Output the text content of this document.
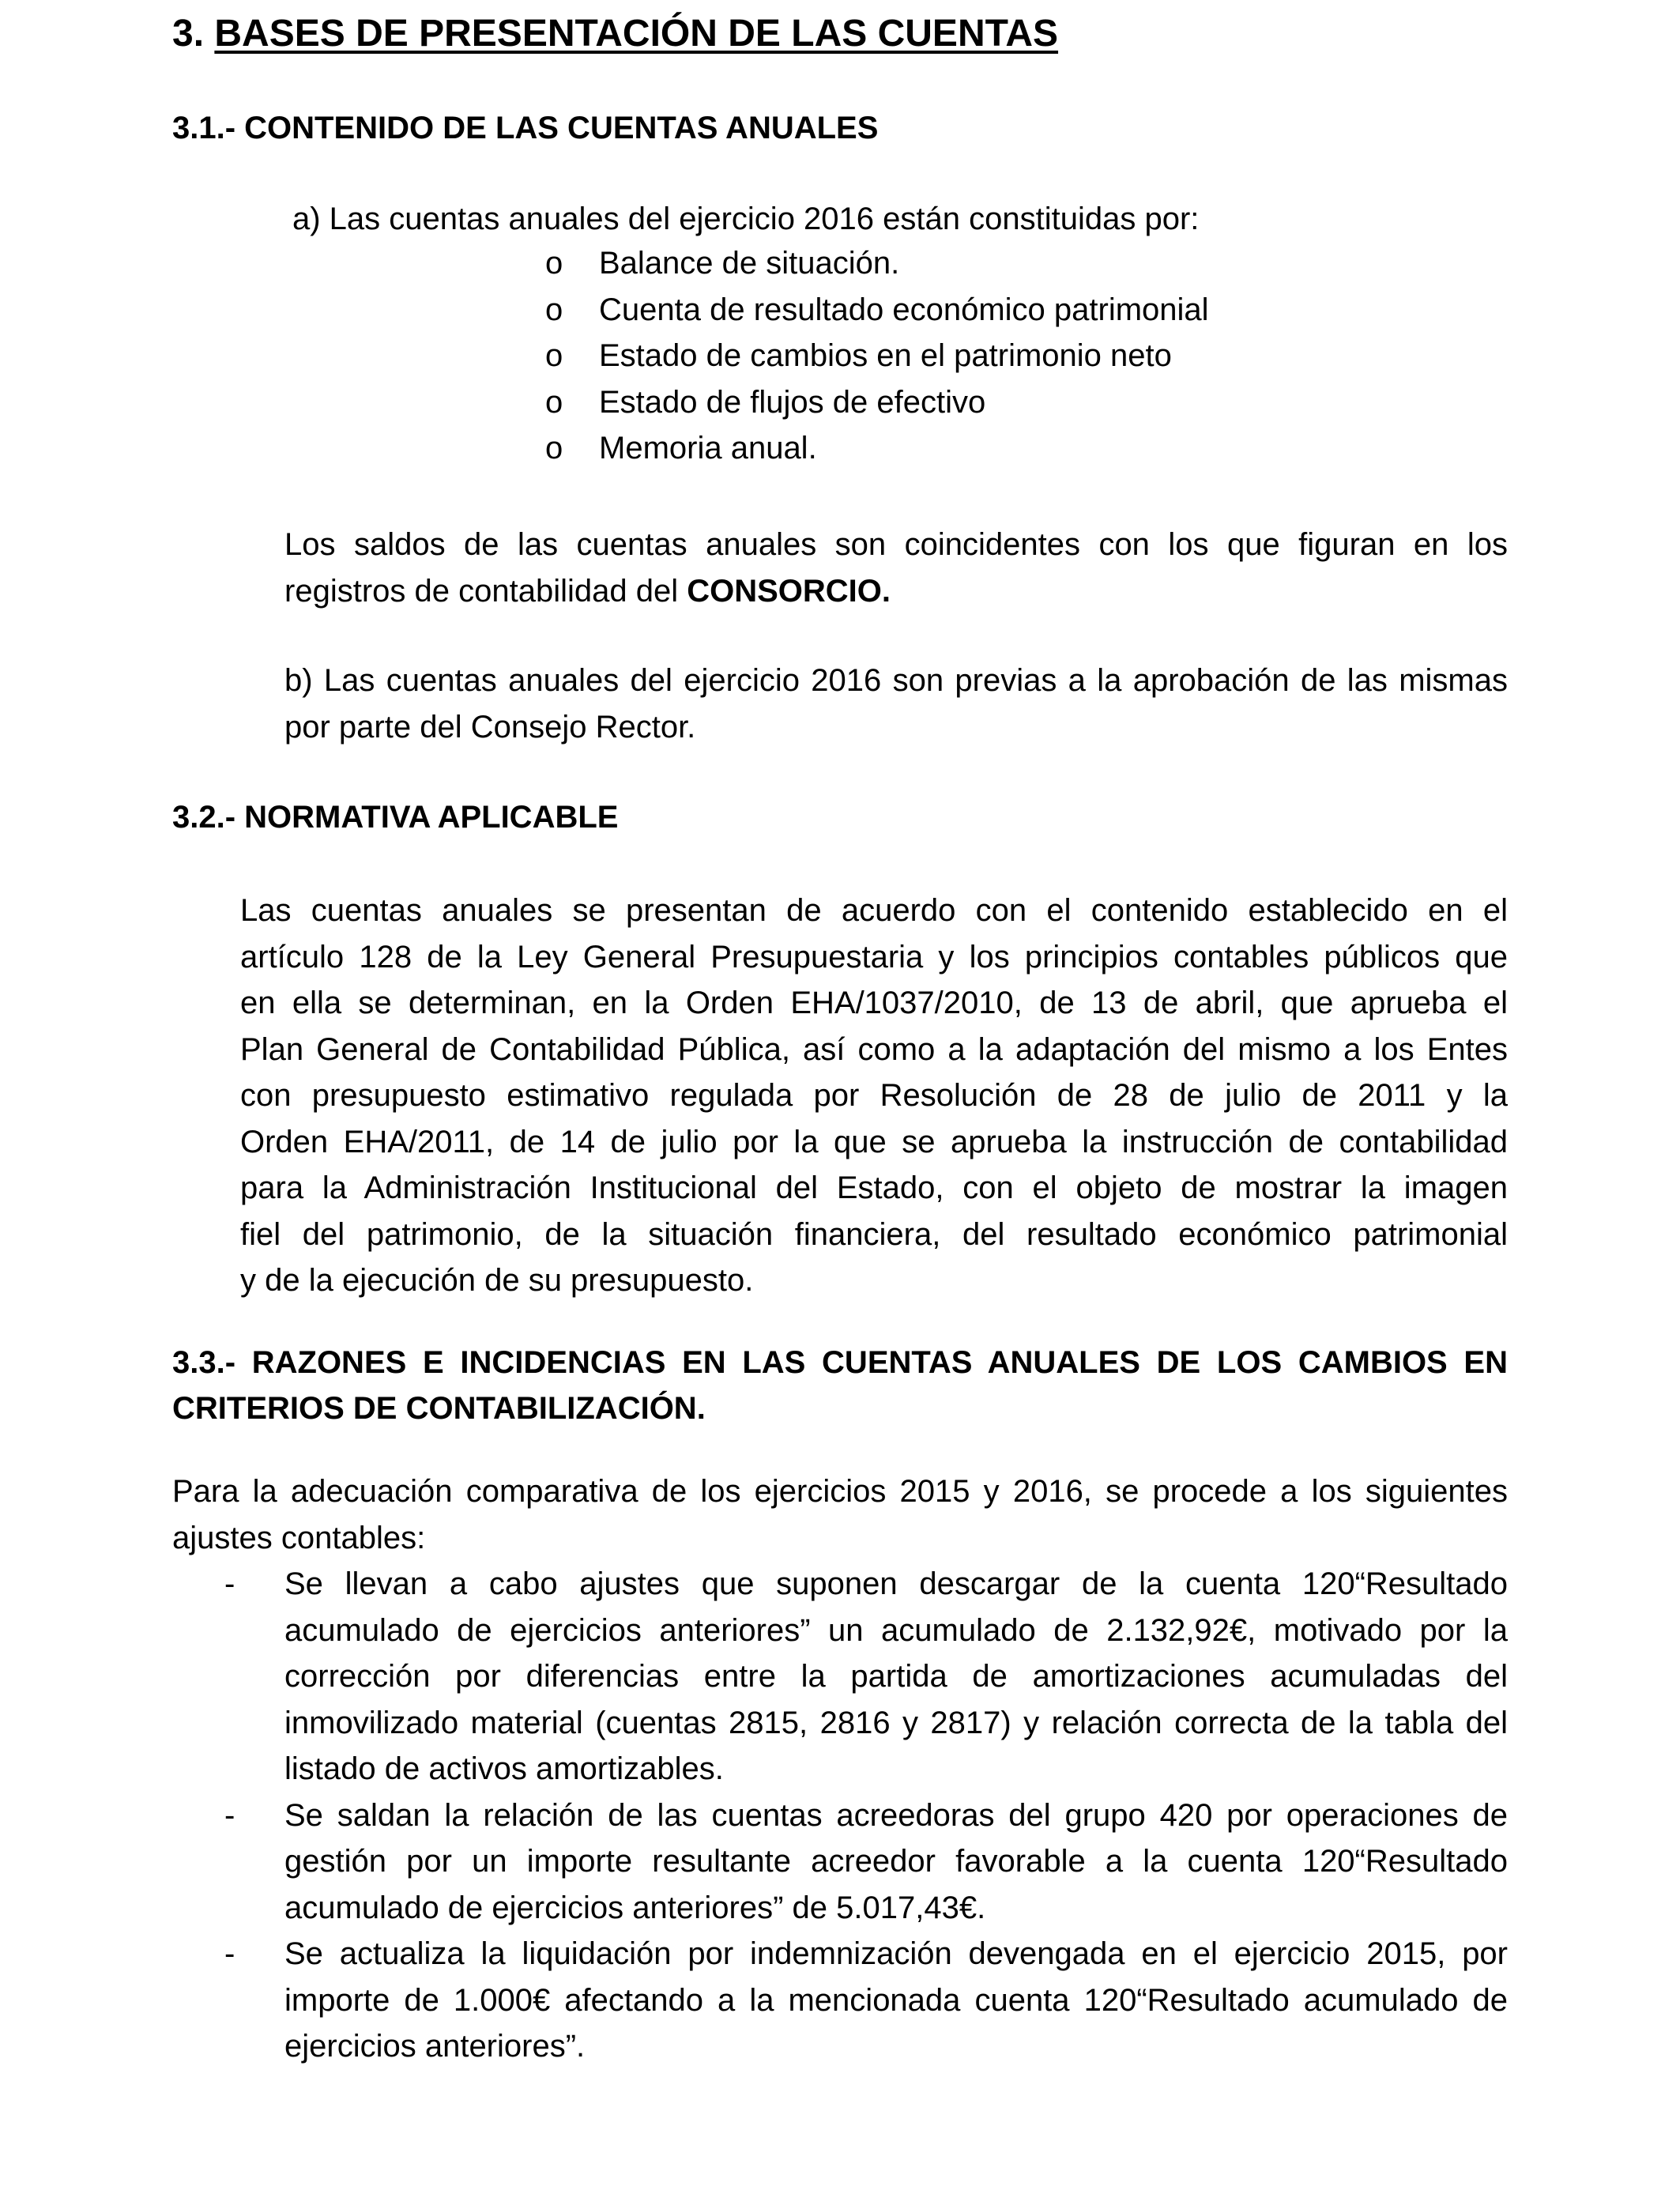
3. BASES DE PRESENTACIÓN DE LAS CUENTAS
3.1.- CONTENIDO DE LAS CUENTAS ANUALES
a) Las cuentas anuales del ejercicio 2016 están constituidas por:
o Balance de situación.
o Cuenta de resultado económico patrimonial
o Estado de cambios en el patrimonio neto
o Estado de flujos de efectivo
o Memoria anual.

Los saldos de las cuentas anuales son coincidentes con los que figuran en los registros de contabilidad del CONSORCIO.

b) Las cuentas anuales del ejercicio 2016 son previas a la aprobación de las mismas por parte del Consejo Rector.

3.2.- NORMATIVA APLICABLE
Las cuentas anuales se presentan de acuerdo con el contenido establecido en el
artículo 128 de la Ley General Presupuestaria y los principios contables públicos que
en ella se determinan, en la Orden EHA/1037/2010, de 13 de abril, que aprueba el
Plan General de Contabilidad Pública, así como a la adaptación del mismo a los Entes
con presupuesto estimativo regulada por Resolución de 28 de julio de 2011 y la
Orden EHA/2011, de 14 de julio por la que se aprueba la instrucción de contabilidad
para la Administración Institucional del Estado, con el objeto de mostrar la imagen
fiel del patrimonio, de la situación financiera, del resultado económico patrimonial
y de la ejecución de su presupuesto.
3.3.- RAZONES E INCIDENCIAS EN LAS CUENTAS ANUALES DE LOS CAMBIOS EN
CRITERIOS DE CONTABILIZACIÓN.

Para la adecuación comparativa de los ejercicios 2015 y 2016, se procede a los siguientes ajustes contables:

- Se llevan a cabo ajustes que suponen descargar de la cuenta 120“Resultado acumulado de ejercicios anteriores” un acumulado de 2.132,92€, motivado por la corrección por diferencias entre la partida de amortizaciones acumuladas del inmovilizado material (cuentas 2815, 2816 y 2817) y relación correcta de la tabla del listado de activos amortizables.
- Se saldan la relación de las cuentas acreedoras del grupo 420 por operaciones de gestión por un importe resultante acreedor favorable a la cuenta 120“Resultado acumulado de ejercicios anteriores” de 5.017,43€.
- Se actualiza la liquidación por indemnización devengada en el ejercicio 2015, por importe de 1.000€ afectando a la mencionada cuenta 120“Resultado acumulado de ejercicios anteriores”.
